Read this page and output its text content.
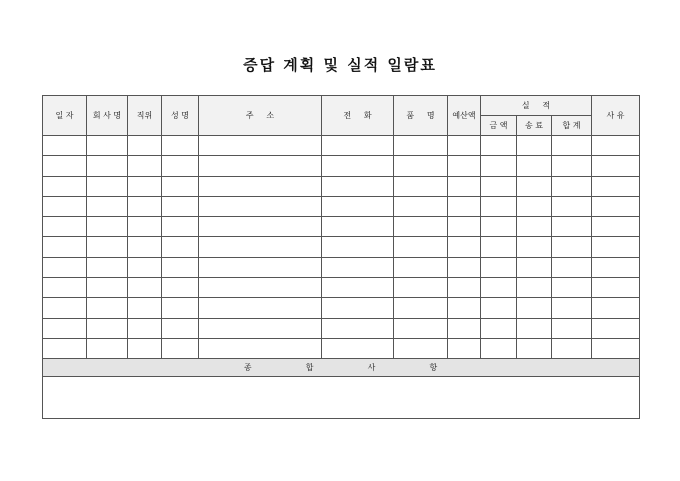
증답 계획 및 실적 일람표
일 자	회 사 명	직위	성 명	주     소	전     화	품     명	예산액	실     적			사 유
								금 액	송 료	합 계	

종               합               사               항											
